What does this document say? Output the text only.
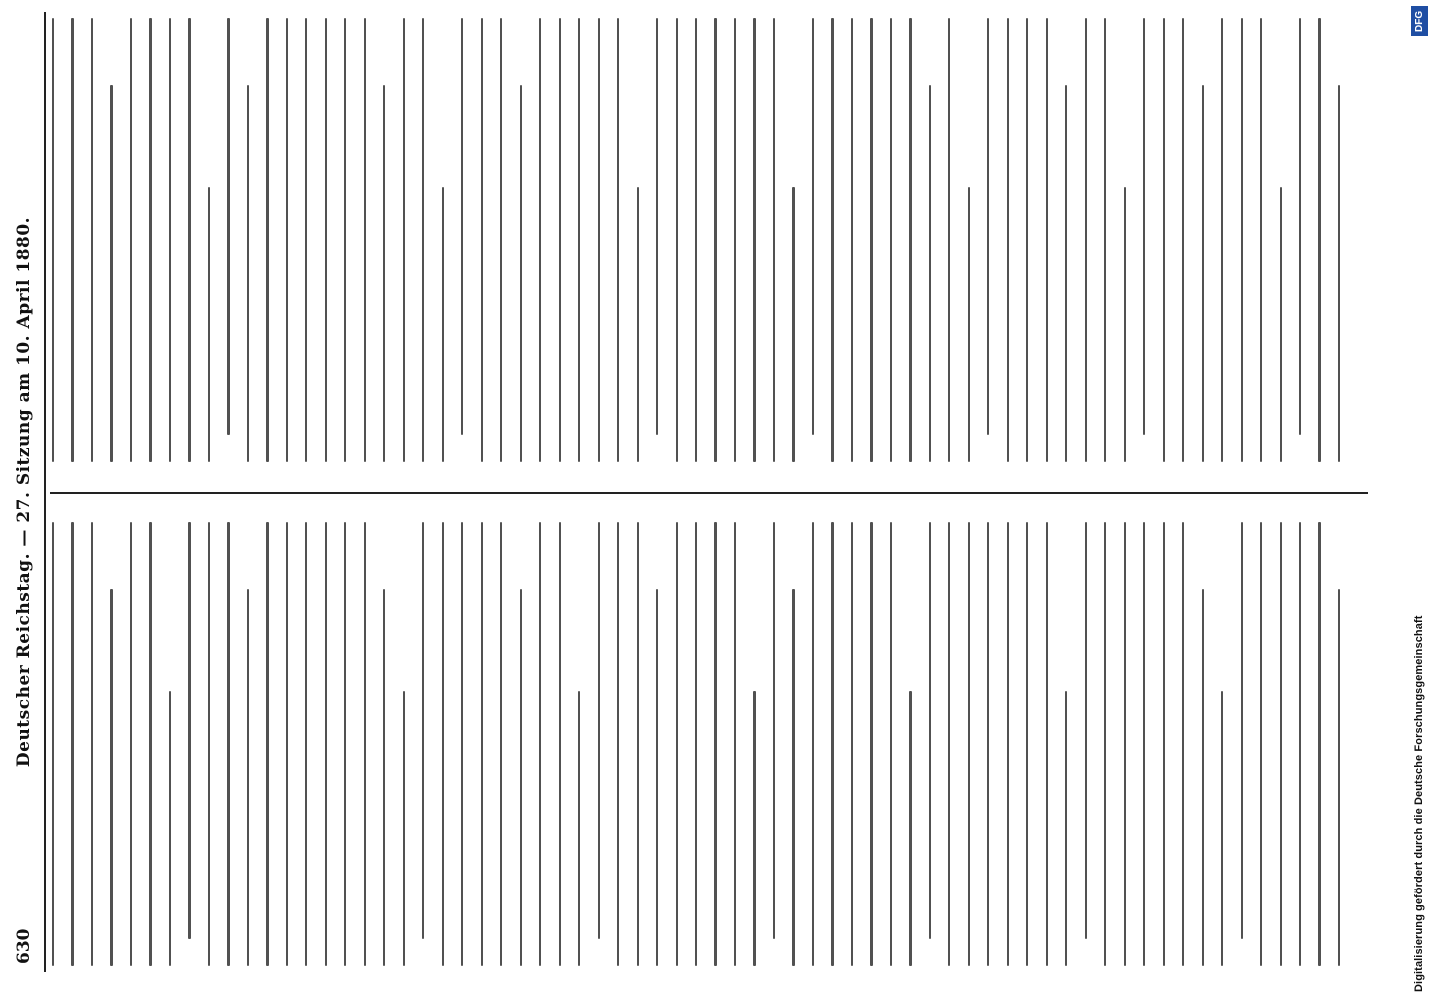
630
Deutscher Reichstag. — 27. Sitzung am 10. April 1880.
DFG
Digitalisierung gefördert durch die Deutsche Forschungsgemeinschaft
